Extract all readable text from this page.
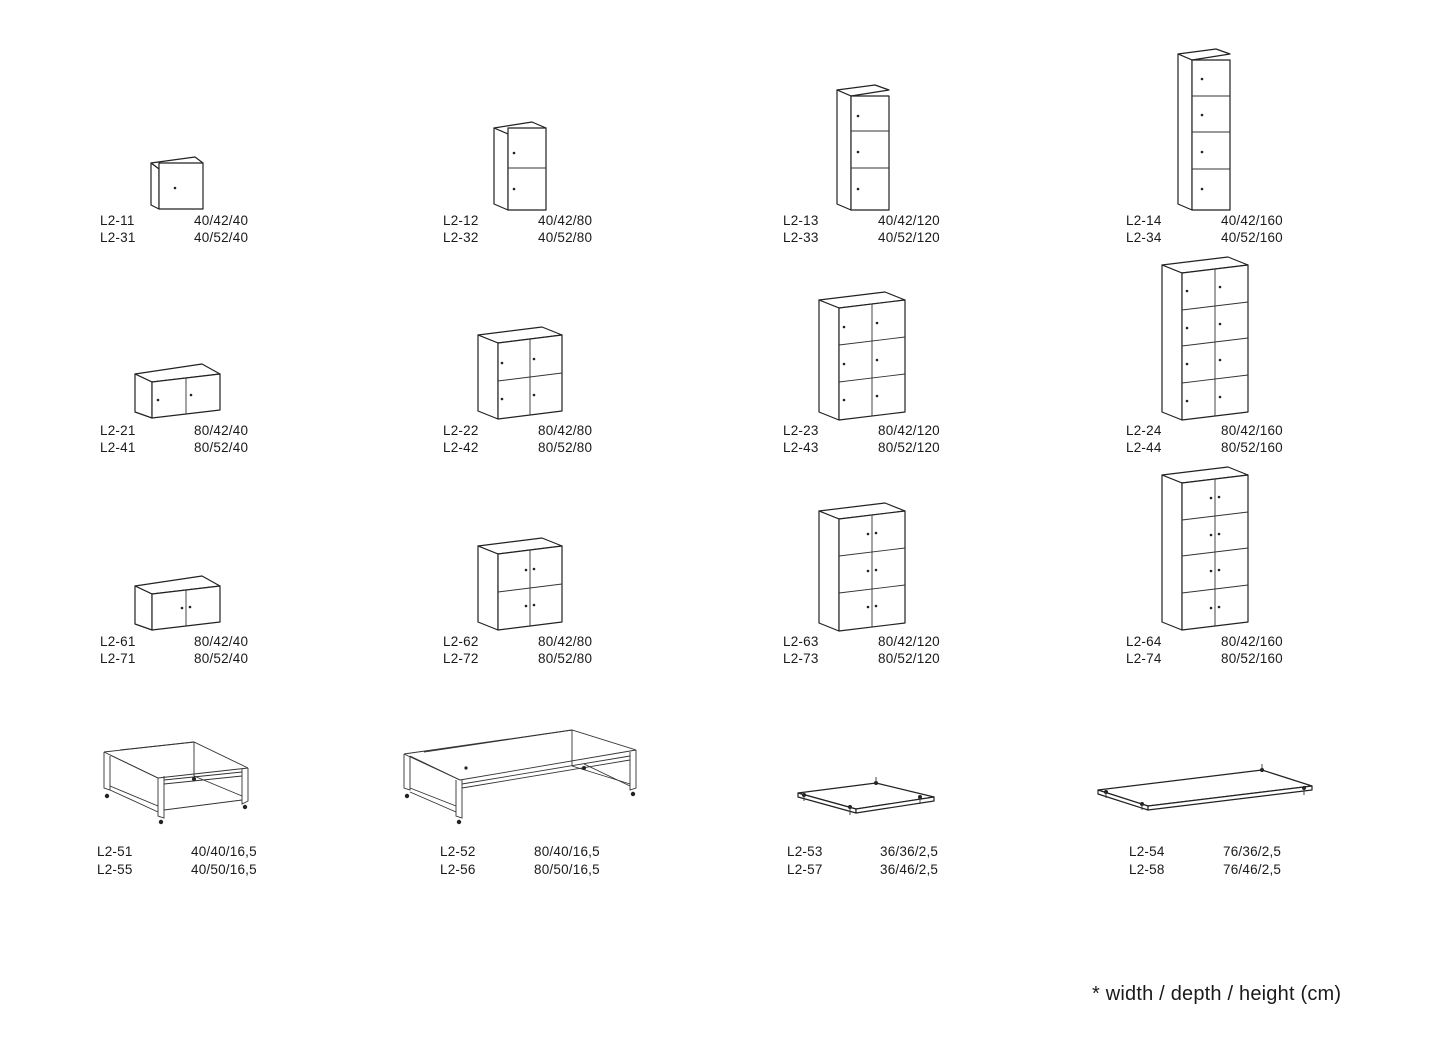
L2-11	40/42/40
L2-31	40/52/40
L2-12	40/42/80
L2-32	40/52/80
L2-13	40/42/120
L2-33	40/52/120
L2-14	40/42/160
L2-34	40/52/160
L2-21	80/42/40
L2-41	80/52/40
L2-22	80/42/80
L2-42	80/52/80
L2-23	80/42/120
L2-43	80/52/120
L2-24	80/42/160
L2-44	80/52/160
L2-61	80/42/40
L2-71	80/52/40
L2-62	80/42/80
L2-72	80/52/80
L2-63	80/42/120
L2-73	80/52/120
L2-64	80/42/160
L2-74	80/52/160
L2-51	40/40/16,5
L2-55	40/50/16,5
L2-52	80/40/16,5
L2-56	80/50/16,5
L2-53	36/36/2,5
L2-57	36/46/2,5
L2-54	76/36/2,5
L2-58	76/46/2,5
* width / depth / height (cm)
